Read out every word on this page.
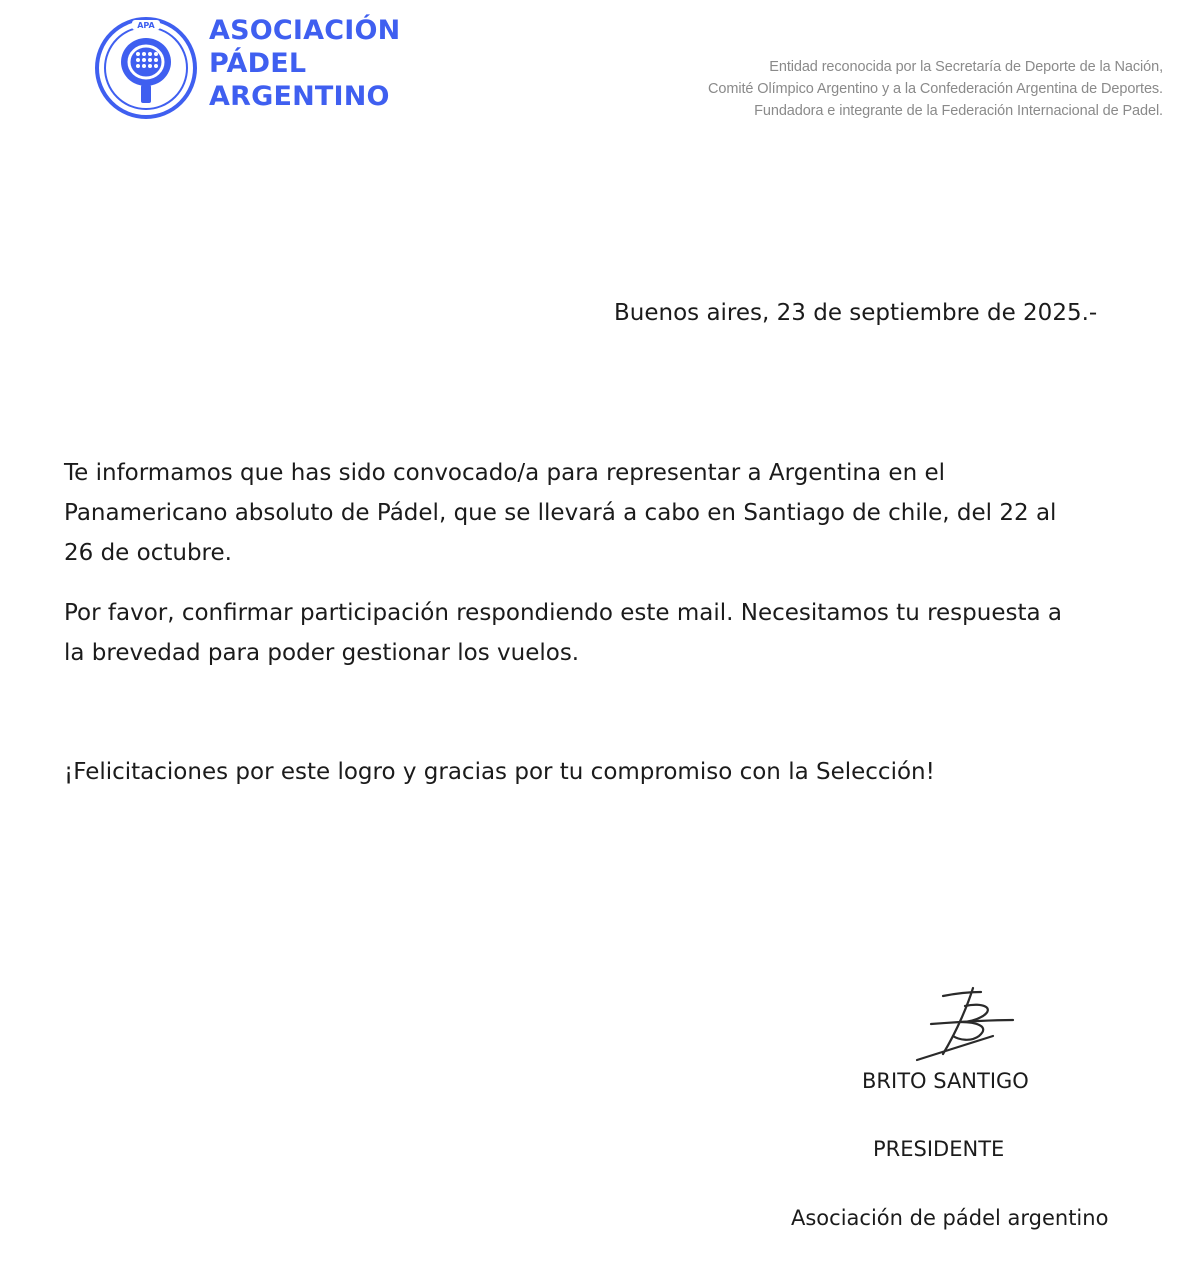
APA ASOCIACIÓN
PÁDEL
ARGENTINO
Entidad reconocida por la Secretaría de Deporte de la Nación,
Comité Olímpico Argentino y a la Confederación Argentina de Deportes.
Fundadora e integrante de la Federación Internacional de Padel.
Buenos aires, 23 de septiembre de 2025.-
Te informamos que has sido convocado/a para representar a Argentina en el
Panamericano absoluto de Pádel, que se llevará a cabo en Santiago de chile, del 22 al
26 de octubre.
Por favor, confirmar participación respondiendo este mail. Necesitamos tu respuesta a
la brevedad para poder gestionar los vuelos.
¡Felicitaciones por este logro y gracias por tu compromiso con la Selección!
BRITO SANTIGO
PRESIDENTE
Asociación de pádel argentino
